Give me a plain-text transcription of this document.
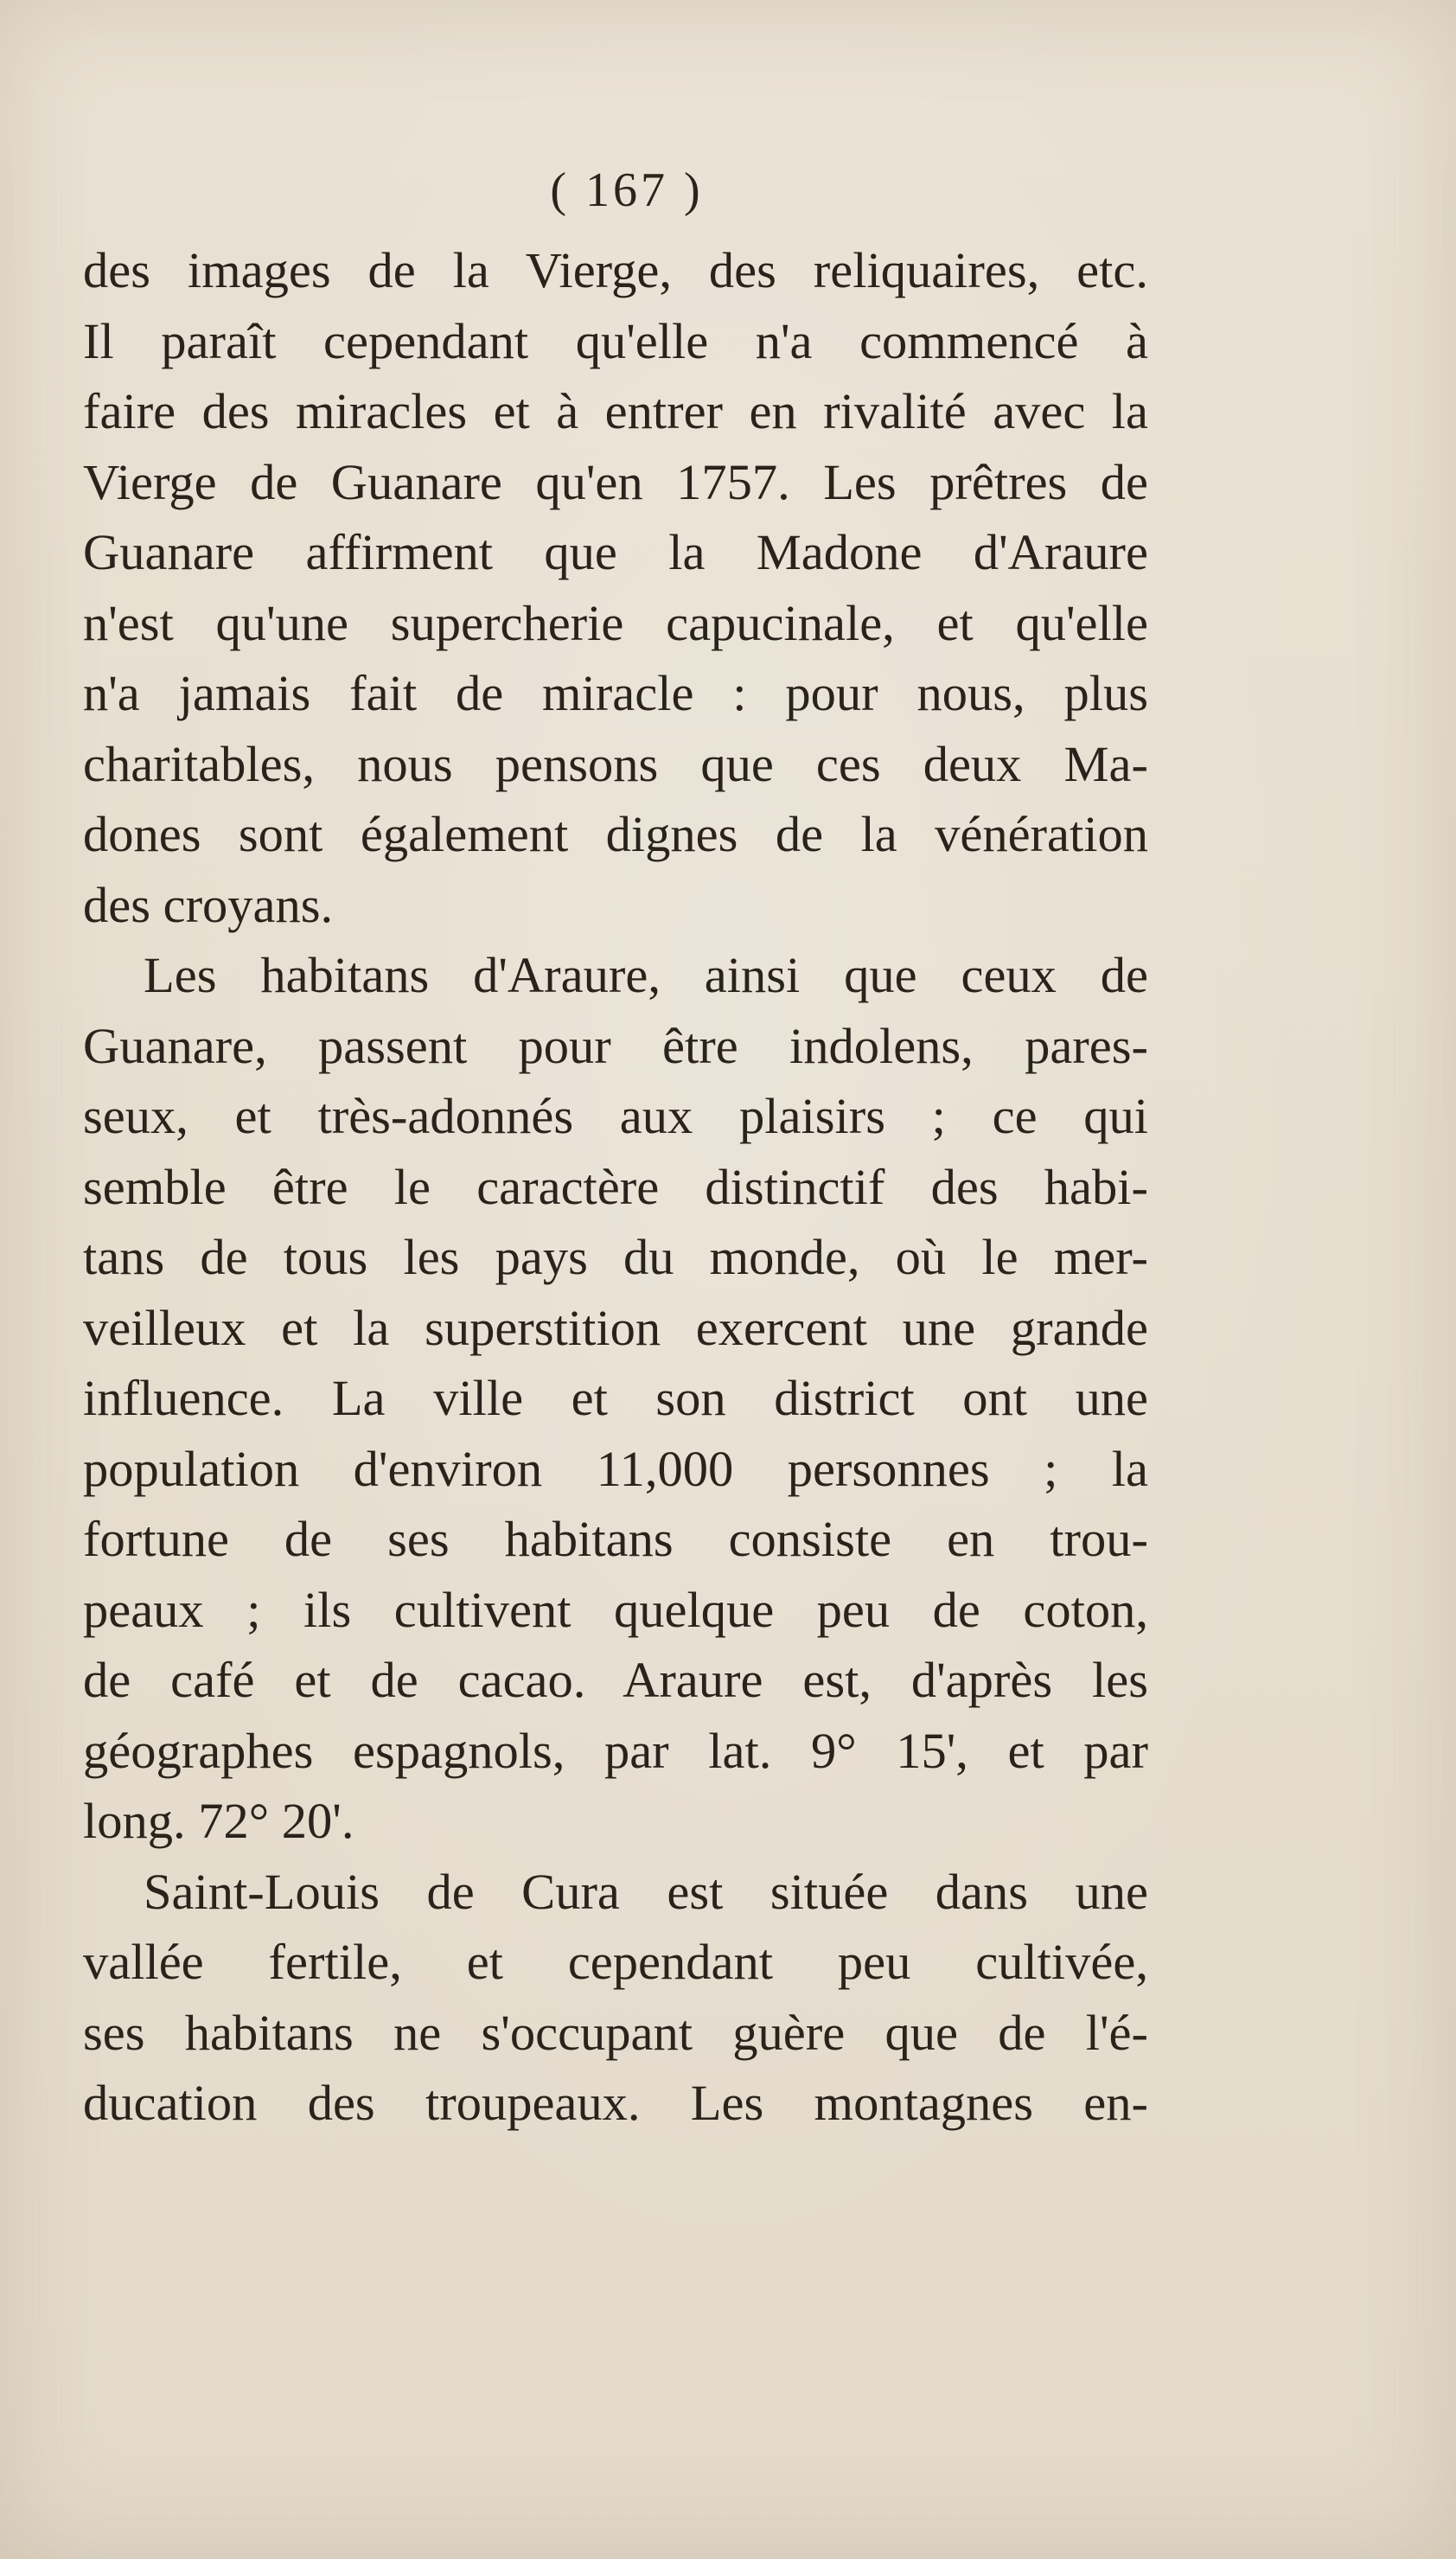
( 167 )
des images de la Vierge, des reliquaires, etc.
Il paraît cependant qu'elle n'a commencé à
faire des miracles et à entrer en rivalité avec la
Vierge de Guanare qu'en 1757. Les prêtres de
Guanare affirment que la Madone d'Araure
n'est qu'une supercherie capucinale, et qu'elle
n'a jamais fait de miracle : pour nous, plus
charitables, nous pensons que ces deux Ma-
dones sont également dignes de la vénération
des croyans.
Les habitans d'Araure, ainsi que ceux de
Guanare, passent pour être indolens, pares-
seux, et très-adonnés aux plaisirs ; ce qui
semble être le caractère distinctif des habi-
tans de tous les pays du monde, où le mer-
veilleux et la superstition exercent une grande
influence. La ville et son district ont une
population d'environ 11,000 personnes ; la
fortune de ses habitans consiste en trou-
peaux ; ils cultivent quelque peu de coton,
de café et de cacao. Araure est, d'après les
géographes espagnols, par lat. 9° 15', et par
long. 72° 20'.
Saint-Louis de Cura est située dans une
vallée fertile, et cependant peu cultivée,
ses habitans ne s'occupant guère que de l'é-
ducation des troupeaux. Les montagnes en-
